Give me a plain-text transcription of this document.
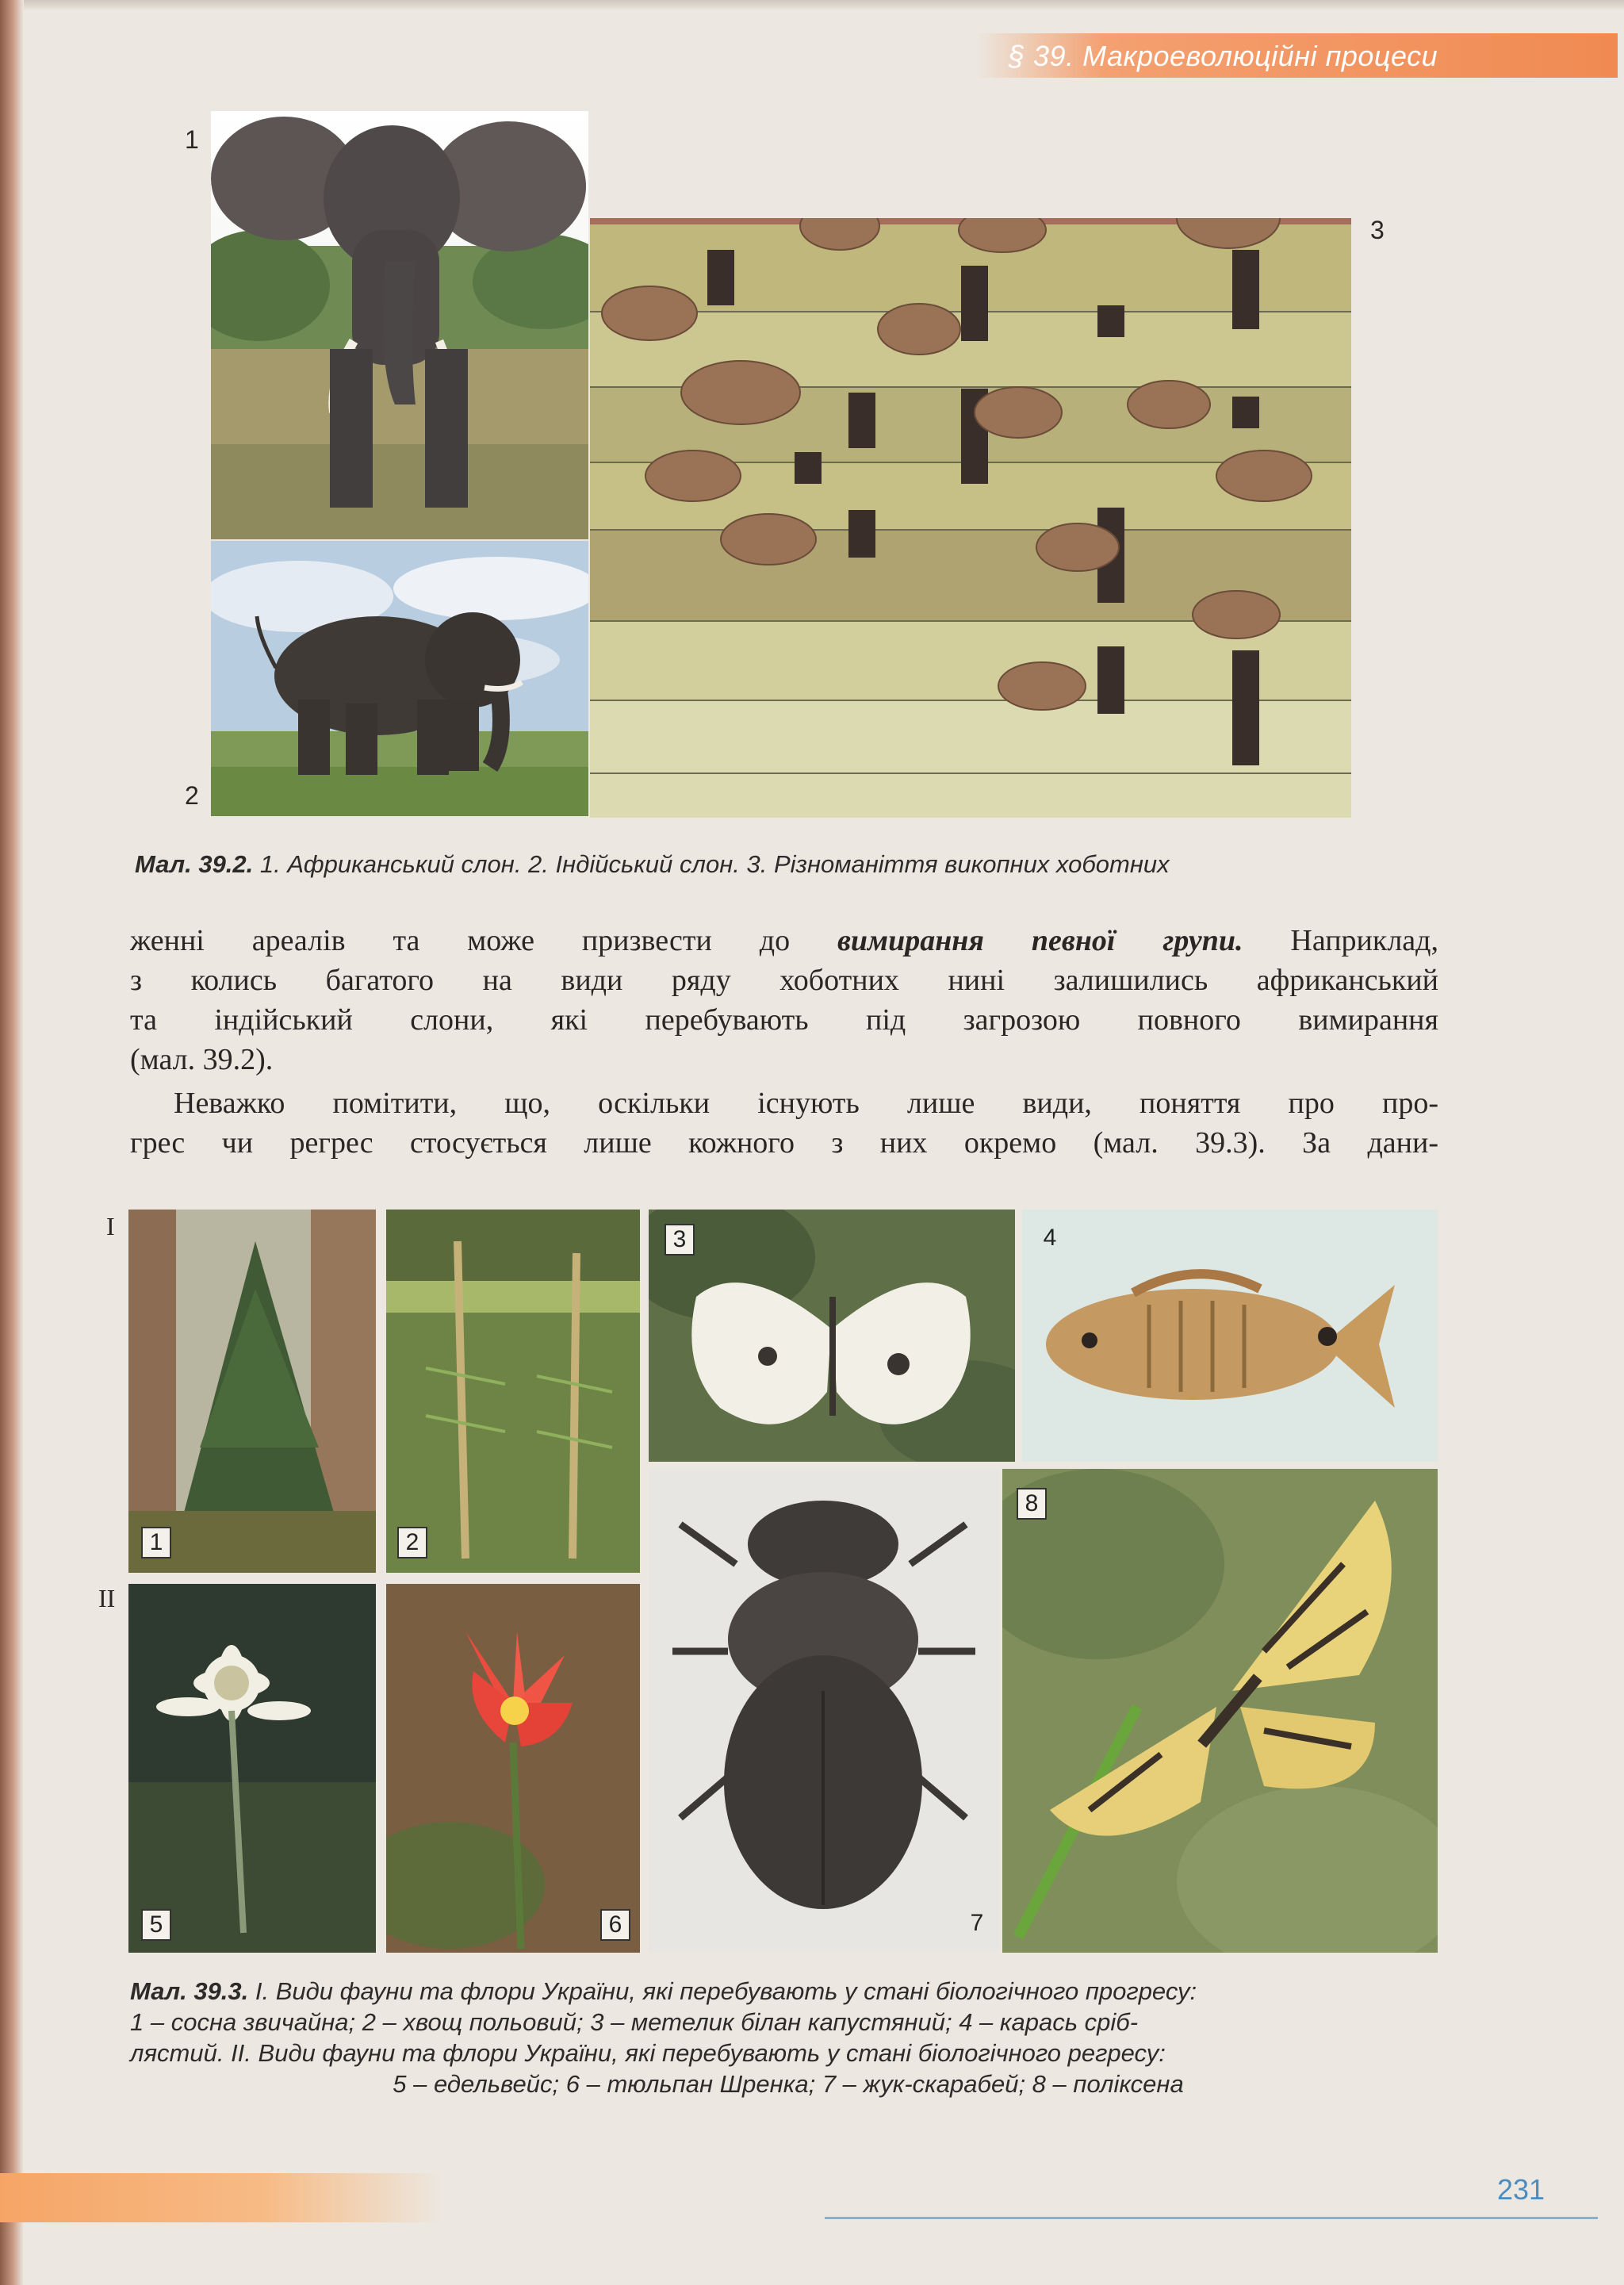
§ 39. Макроеволюційні процеси
1
2
3
Мал. 39.2. 1. Африканський слон. 2. Індійський слон. 3. Різноманіття викопних хоботних
женні ареалів та може призвести до вимирання певної групи. Наприклад,
з колись багатого на види ряду хоботних нині залишились африканський
та індійський слони, які перебувають під загрозою повного вимирання
(мал. 39.2).
Неважко помітити, що, оскільки існують лише види, поняття про про-
грес чи регрес стосується лише кожного з них окремо (мал. 39.3). За дани-
I
II
1	2
3	4
5	6	7
8
Мал. 39.3. I. Види фауни та флори України, які перебувають у стані біологічного прогресу:
1 – сосна звичайна; 2 – хвощ польовий; 3 – метелик білан капустяний; 4 – карась сріб-
лястий. II. Види фауни та флори України, які перебувають у стані біологічного регресу:
5 – едельвейс; 6 – тюльпан Шренка; 7 – жук-скарабей; 8 – поліксена
231
